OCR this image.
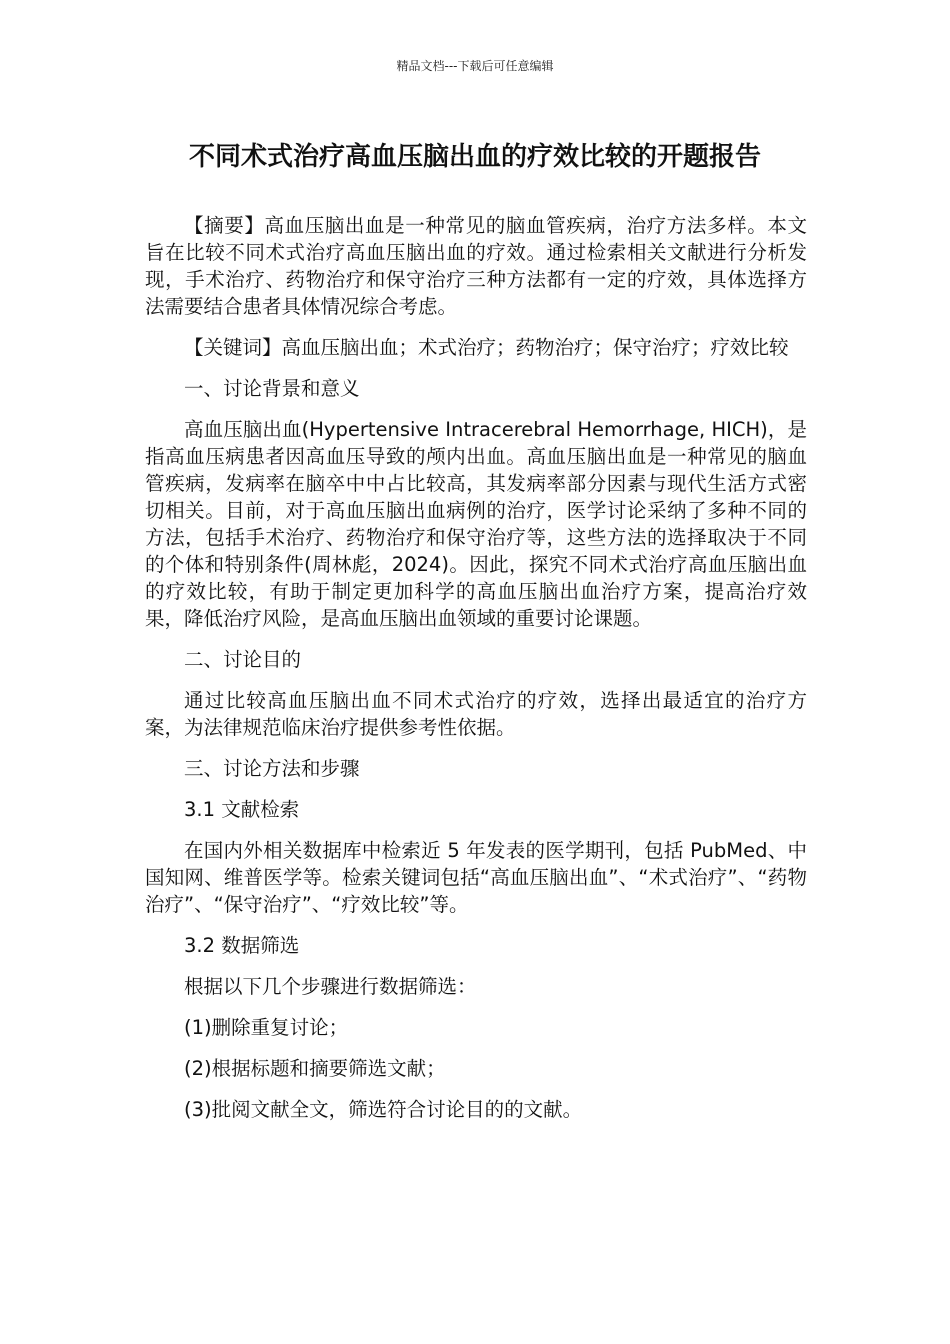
精品文档---下载后可任意编辑
不同术式治疗高血压脑出血的疗效比较的开题报告

【摘要】高血压脑出血是一种常见的脑血管疾病，治疗方法多样。本文旨在比较不同术式治疗高血压脑出血的疗效。通过检索相关文献进行分析发现，手术治疗、药物治疗和保守治疗三种方法都有一定的疗效，具体选择方法需要结合患者具体情况综合考虑。

【关键词】高血压脑出血；术式治疗；药物治疗；保守治疗；疗效比较

一、讨论背景和意义

高血压脑出血(Hypertensive Intracerebral Hemorrhage, HICH)，是指高血压病患者因高血压导致的颅内出血。高血压脑出血是一种常见的脑血管疾病，发病率在脑卒中中占比较高，其发病率部分因素与现代生活方式密切相关。目前，对于高血压脑出血病例的治疗，医学讨论采纳了多种不同的方法，包括手术治疗、药物治疗和保守治疗等，这些方法的选择取决于不同的个体和特别条件(周林彪，2024)。因此，探究不同术式治疗高血压脑出血的疗效比较，有助于制定更加科学的高血压脑出血治疗方案，提高治疗效果，降低治疗风险，是高血压脑出血领域的重要讨论课题。

二、讨论目的

通过比较高血压脑出血不同术式治疗的疗效，选择出最适宜的治疗方案，为法律规范临床治疗提供参考性依据。

三、讨论方法和步骤

3.1 文献检索

在国内外相关数据库中检索近 5 年发表的医学期刊，包括 PubMed、中国知网、维普医学等。检索关键词包括“高血压脑出血”、“术式治疗”、“药物治疗”、“保守治疗”、“疗效比较”等。

3.2 数据筛选

根据以下几个步骤进行数据筛选：

(1)删除重复讨论；

(2)根据标题和摘要筛选文献；

(3)批阅文献全文，筛选符合讨论目的的文献。
